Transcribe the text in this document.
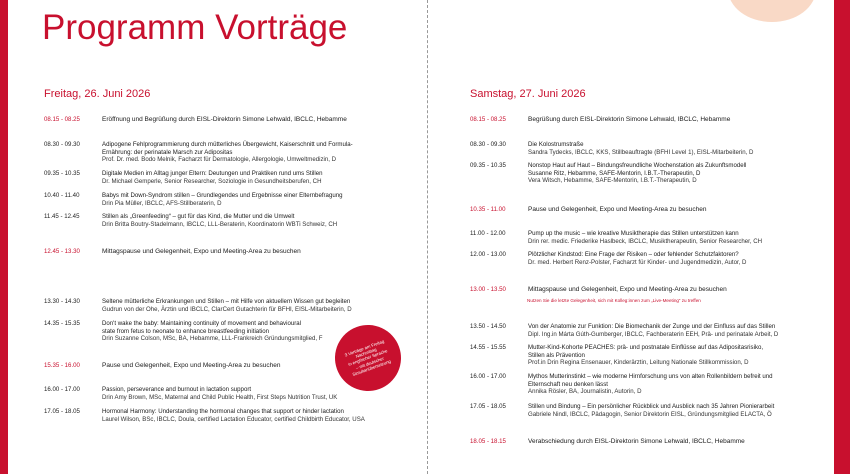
Programm Vorträge
Freitag, 26. Juni 2026	Samstag, 27. Juni 2026
08.15 - 08.25	Eröffnung und Begrüßung durch EISL-Direktorin Simone Lehwald, IBCLC, Hebamme
08.30 - 09.30	Adipogene Fehlprogrammierung durch mütterliches Übergewicht, Kaiserschnitt und Formula-
Ernährung: der perinatale Marsch zur Adipositas
Prof. Dr. med. Bodo Melnik, Facharzt für Dermatologie, Allergologie, Umweltmedizin, D
09.35 - 10.35	Digitale Medien im Alltag junger Eltern: Deutungen und Praktiken rund ums Stillen
Dr. Michael Gemperle, Senior Researcher, Soziologie in Gesundheitsberufen, CH
10.40 - 11.40	Babys mit Down-Syndrom stillen – Grundlegendes und Ergebnisse einer Elternbefragung
Drin Pia Müller, IBCLC, AFS-Stillberaterin, D
11.45 - 12.45	Stillen als „Greenfeeding“ – gut für das Kind, die Mutter und die Umwelt
Drin Britta Boutry-Stadelmann, IBCLC, LLL-Beraterin, Koordinatorin WBTi Schweiz, CH
12.45 - 13.30	Mittagspause und Gelegenheit, Expo und Meeting-Area zu besuchen
13.30 - 14.30	Seltene mütterliche Erkrankungen und Stillen – mit Hilfe von aktuellem Wissen gut begleiten
Gudrun von der Ohe, Ärztin und IBCLC, ClarCert Gutachterin für BFHI, EISL-Mitarbeiterin, D
14.35 - 15.35	Don't wake the baby: Maintaining continuity of movement and behavioural
state from fetus to neonate to enhance breastfeeding initiation
Drin Suzanne Colson, MSc, BA, Hebamme, LLL-Frankreich Gründungsmitglied, F
15.35 - 16.00	Pause und Gelegenheit, Expo und Meeting-Area zu besuchen
16.00 - 17.00	Passion, perseverance and burnout in lactation support
Drin Amy Brown, MSc, Maternal and Child Public Health, First Steps Nutrition Trust, UK
17.05 - 18.05	Hormonal Harmony: Understanding the hormonal changes that support or hinder lactation
Laurel Wilson, BSc, IBCLC, Doula, certified Lactation Educator, certified Childbirth Educator, USA
08.15 - 08.25	Begrüßung durch EISL-Direktorin Simone Lehwald, IBCLC, Hebamme
08.30 - 09.30	Die Kolostrumstraße
Sandra Tydecks, IBCLC, KKS, Stillbeauftragte (BFHI Level 1), EISL-Mitarbeiterin, D
09.35 - 10.35	Nonstop Haut auf Haut – Bindungsfreundliche Wochenstation als Zukunftsmodell
Susanne Ritz, Hebamme, SAFE-Mentorin, I.B.T.-Therapeutin, D
Vera Witsch, Hebamme, SAFE-Mentorin, I.B.T.-Therapeutin, D
10.35 - 11.00	Pause und Gelegenheit, Expo und Meeting-Area zu besuchen
11.00 - 12.00	Pump up the music – wie kreative Musiktherapie das Stillen unterstützen kann
Drin rer. medic. Friederike Haslbeck, IBCLC, Musiktherapeutin, Senior Researcher, CH
12.00 - 13.00	Plötzlicher Kindstod: Eine Frage der Risiken – oder fehlender Schutzfaktoren?
Dr. med. Herbert Renz-Polster, Facharzt für Kinder- und Jugendmedizin, Autor, D
13.00 - 13.50	Mittagspause und Gelegenheit, Expo und Meeting-Area zu besuchen
13.50 - 14.50	Von der Anatomie zur Funktion: Die Biomechanik der Zunge und der Einfluss auf das Stillen
Dipl. Ing.in Márta Gúth-Gumberger, IBCLC, Fachberaterin EEH, Prä- und perinatale Arbeit, D
14.55 - 15.55	Mutter-Kind-Kohorte PEACHES: prä- und postnatale Einflüsse auf das Adipositasrisiko,
Stillen als Prävention
Prof.in Drin Regina Ensenauer, Kinderärztin, Leitung Nationale Stillkommission, D
16.00 - 17.00	Mythos Mutterinstinkt – wie moderne Hirnforschung uns von alten Rollenbildern befreit und
Elternschaft neu denken lässt
Annika Rösler, BA, Journalistin, Autorin, D
17.05 - 18.05	Stillen und Bindung – Ein persönlicher Rückblick und Ausblick nach 35 Jahren Pionierarbeit
Gabriele Nindl, IBCLC, Pädagogin, Senior Direktorin EISL, Gründungsmitglied ELACTA, Ö
18.05 - 18.15	Verabschiedung durch EISL-Direktorin Simone Lehwald, IBCLC, Hebamme
Nutzen Sie die letzte Gelegenheit, sich mit Kolleg:innen zum „Live-Meeting“ zu treffen
3 Vorträge am Freitag
Nachmittag
in englischer Sprache
– mit deutscher
Simultanübersetzung
